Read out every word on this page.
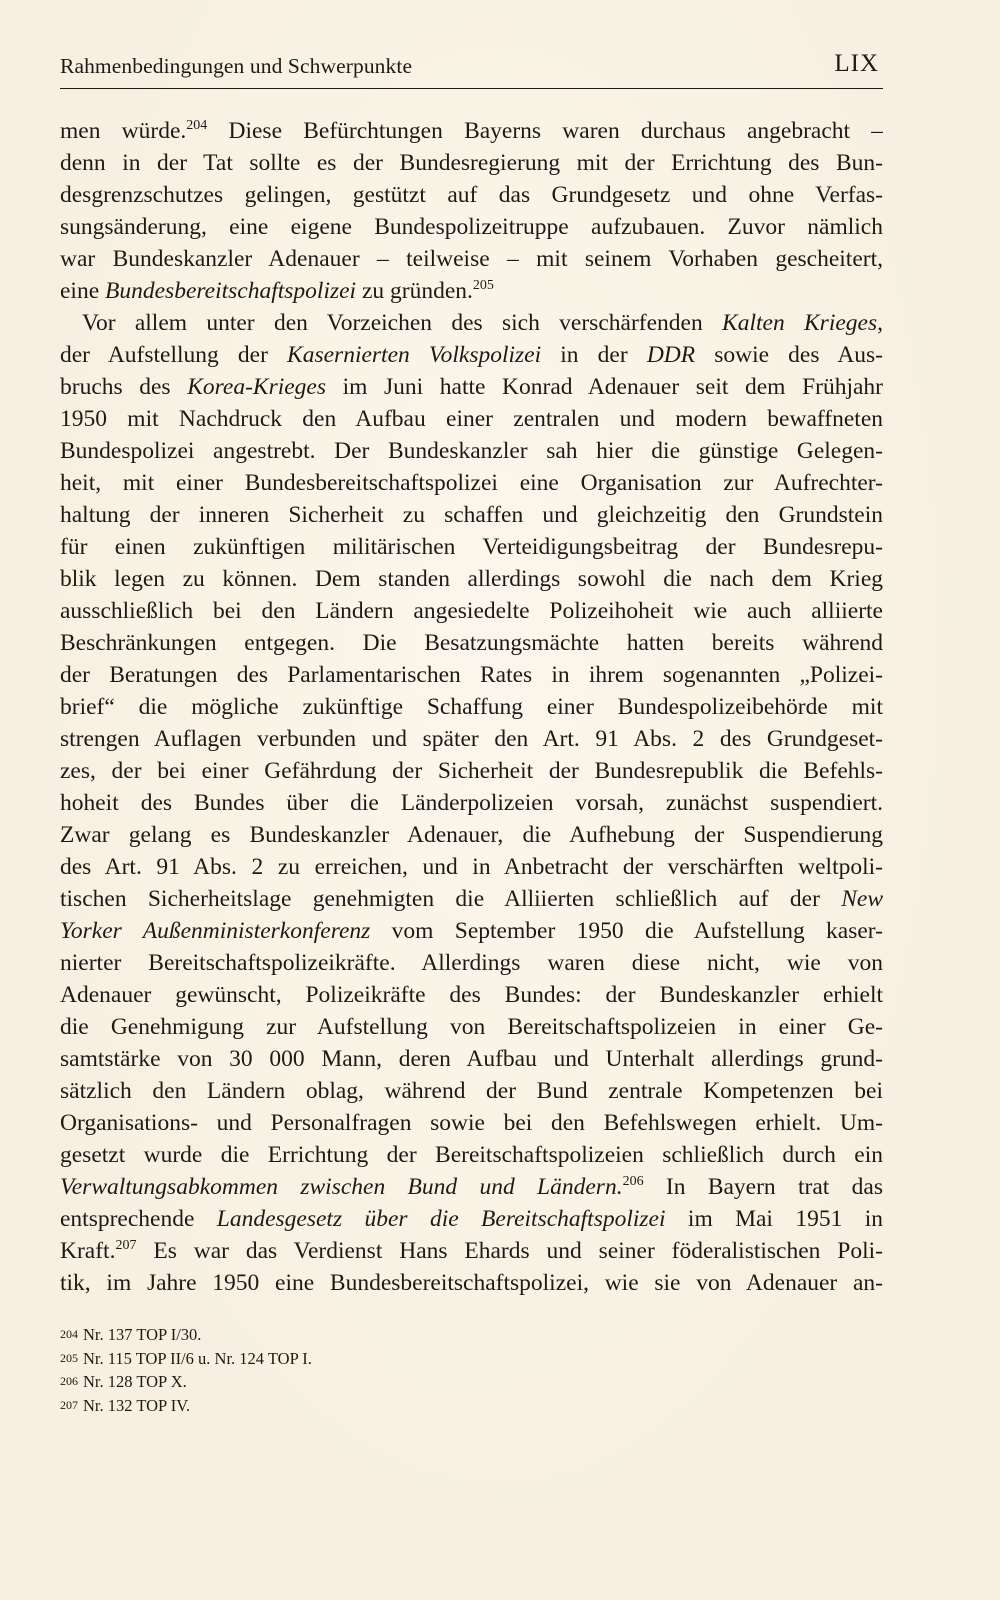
Rahmenbedingungen und Schwerpunkte	LIX
men würde.$^{204}$ Diese Befürchtungen Bayerns waren durchaus angebracht –
denn in der Tat sollte es der Bundesregierung mit der Errichtung des Bun-
desgrenzschutzes gelingen, gestützt auf das Grundgesetz und ohne Verfas-
sungsänderung, eine eigene Bundespolizeitruppe aufzubauen. Zuvor nämlich
war Bundeskanzler Adenauer – teilweise – mit seinem Vorhaben gescheitert,
eine Bundesbereitschaftspolizei zu gründen.$^{205}$
Vor allem unter den Vorzeichen des sich verschärfenden Kalten Krieges,
der Aufstellung der Kasernierten Volkspolizei in der DDR sowie des Aus-
bruchs des Korea-Krieges im Juni hatte Konrad Adenauer seit dem Frühjahr
1950 mit Nachdruck den Aufbau einer zentralen und modern bewaffneten
Bundespolizei angestrebt. Der Bundeskanzler sah hier die günstige Gelegen-
heit, mit einer Bundesbereitschaftspolizei eine Organisation zur Aufrechter-
haltung der inneren Sicherheit zu schaffen und gleichzeitig den Grundstein
für einen zukünftigen militärischen Verteidigungsbeitrag der Bundesrepu-
blik legen zu können. Dem standen allerdings sowohl die nach dem Krieg
ausschließlich bei den Ländern angesiedelte Polizeihoheit wie auch alliierte
Beschränkungen entgegen. Die Besatzungsmächte hatten bereits während
der Beratungen des Parlamentarischen Rates in ihrem sogenannten „Polizei-
brief“ die mögliche zukünftige Schaffung einer Bundespolizeibehörde mit
strengen Auflagen verbunden und später den Art. 91 Abs. 2 des Grundgeset-
zes, der bei einer Gefährdung der Sicherheit der Bundesrepublik die Befehls-
hoheit des Bundes über die Länderpolizeien vorsah, zunächst suspendiert.
Zwar gelang es Bundeskanzler Adenauer, die Aufhebung der Suspendierung
des Art. 91 Abs. 2 zu erreichen, und in Anbetracht der verschärften weltpoli-
tischen Sicherheitslage genehmigten die Alliierten schließlich auf der New
Yorker Außenministerkonferenz vom September 1950 die Aufstellung kaser-
nierter Bereitschaftspolizeikräfte. Allerdings waren diese nicht, wie von
Adenauer gewünscht, Polizeikräfte des Bundes: der Bundeskanzler erhielt
die Genehmigung zur Aufstellung von Bereitschaftspolizeien in einer Ge-
samtstärke von 30 000 Mann, deren Aufbau und Unterhalt allerdings grund-
sätzlich den Ländern oblag, während der Bund zentrale Kompetenzen bei
Organisations- und Personalfragen sowie bei den Befehlswegen erhielt. Um-
gesetzt wurde die Errichtung der Bereitschaftspolizeien schließlich durch ein
Verwaltungsabkommen zwischen Bund und Ländern.$^{206}$ In Bayern trat das
entsprechende Landesgesetz über die Bereitschaftspolizei im Mai 1951 in
Kraft.$^{207}$ Es war das Verdienst Hans Ehards und seiner föderalistischen Poli-
tik, im Jahre 1950 eine Bundesbereitschaftspolizei, wie sie von Adenauer an-
204 Nr. 137 TOP I/30.
205 Nr. 115 TOP II/6 u. Nr. 124 TOP I.
206 Nr. 128 TOP X.
207 Nr. 132 TOP IV.
